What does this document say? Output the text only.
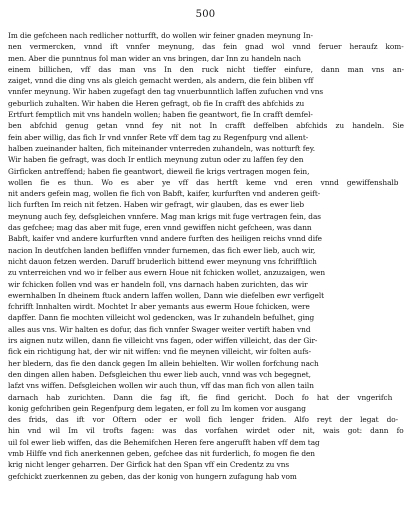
500
Im die gefcheen nach redlicher notturfft, do wollen wir feiner gnaden meynung In-
nen vermercken, vnnd ift vnnfer meynung, das fein gnad wol vnnd feruer heraufz kom-
men. Aber die punntnus fol man wider an vns bringen, dar Inn zu handeln nach
einem billichen, vff das man vns In den ruck nicht tieffer einfure, dann man vns an-
zaiget, vnnd die ding vns als gleich gemacht werden, als andern, die fein bliben vff
vnnfer meynung. Wir haben zugefagt den tag vnuerbunntlich laffen zufuchen vnd vns
geburlich zuhalten. Wir haben die Heren gefragt, ob fie In crafft des abfchids zu
Ertfurt femptlich mit vns handeln wollen; haben fie geantwort, fie In crafft demfel-
ben abfchid genug getan vnnd fey nit not In crafft deffelben abfchids zu handeln. Sie
fein aber willig, das fich Ir vnd vnnfer Rete vff dem tag zu Regenfpurg vnd allent-
halben zueinander halten, fich miteinander vnterreden zuhandeln, was notturft fey.
Wir haben fie gefragt, was doch Ir entlich meynung zutun oder zu laffen fey den
Girficken antreffend; haben fie geantwort, dieweil fie krigs vertragen mogen fein,
wollen fie es thun. Wo es aber ye vff das hertft keme vnd eren vnnd gewiffenshalb
nit anders gefein mag, wollen fie fich von Babft, kaifer, kurfurften vnd anderen geift-
lich furften Im reich nit fetzen. Haben wir gefragt, wir glauben, das es ewer lieb
meynung auch fey, defsgleichen vnnfere. Mag man krigs mit fuge vertragen fein, das
das gefchee; mag das aber mit fuge, eren vnnd gewiffen nicht gefcheen, was dann
Babft, kaifer vnd andere kurfurften vnnd andere furften des heiligen reichs vnnd dife
nacion In deutfchen landen befliffen vnnder furnemen, das fich ewer lieb, auch wir,
nicht dauon fetzen werden. Daruff bruderlich bittend ewer meynung vns fchrifftlich
zu vnterreichen vnd wo ir felber aus ewern Houe nit fchicken wollet, anzuzaigen, wen
wir fchicken follen vnd was er handeln foll, vns darnach haben zurichten, das wir
ewernhalben In dheinem ftuck andern laffen wollen, Dann wie diefelben ewr verfigelt
fchrifft Innhalten wirdt. Mochtet Ir aber yemants aus ewerm Houe fchicken, were
dapffer. Dann fie mochten villeicht wol gedencken, was Ir zuhandeln befulhet, ging
alles aus vns. Wir halten es dofur, das fich vnnfer Swager weiter vertift haben vnd
irs aignen nutz willen, dann fie villeicht vns fagen, oder wiffen villeicht, das der Gir-
fick ein richtigung hat, der wir nit wiffen: vnd fie meynen villeicht, wir folten aufs-
her bledern, das fie den danck gegen Im allein behielten. Wir wollen forfchung nach
den dingen allen haben. Defsgleichen thu ewer lieb auch, vnnd was vch begegnet,
lafzt vns wiffen. Defsgleichen wollen wir auch thun, vff das man fich von allen tailn
darnach hab zurichten. Dann die fag ift, fie find gericht. Doch fo hat der vngerifch
konig gefchriben gein Regenfpurg dem legaten, er foll zu Im komen vor ausgang
des frids, das ift vor Oftern oder er woll fich lenger friden. Alfo reyt der legat do-
hin vnd wil Im vil trofts fagen: was das vorfahen wirdet oder nit, wais got: dann fo
uil fol ewer lieb wiffen, das die Behemifchen Heren fere angerufft haben vff dem tag
vmb Hilffe vnd fich anerkennen geben, gefchee das nit furderlich, fo mogen fie den
krig nicht lenger geharren. Der Girfick hat den Span vff ein Credentz zu vns
gefchickt zuerkennen zu geben, das der konig von hungern zufagung hab vom
